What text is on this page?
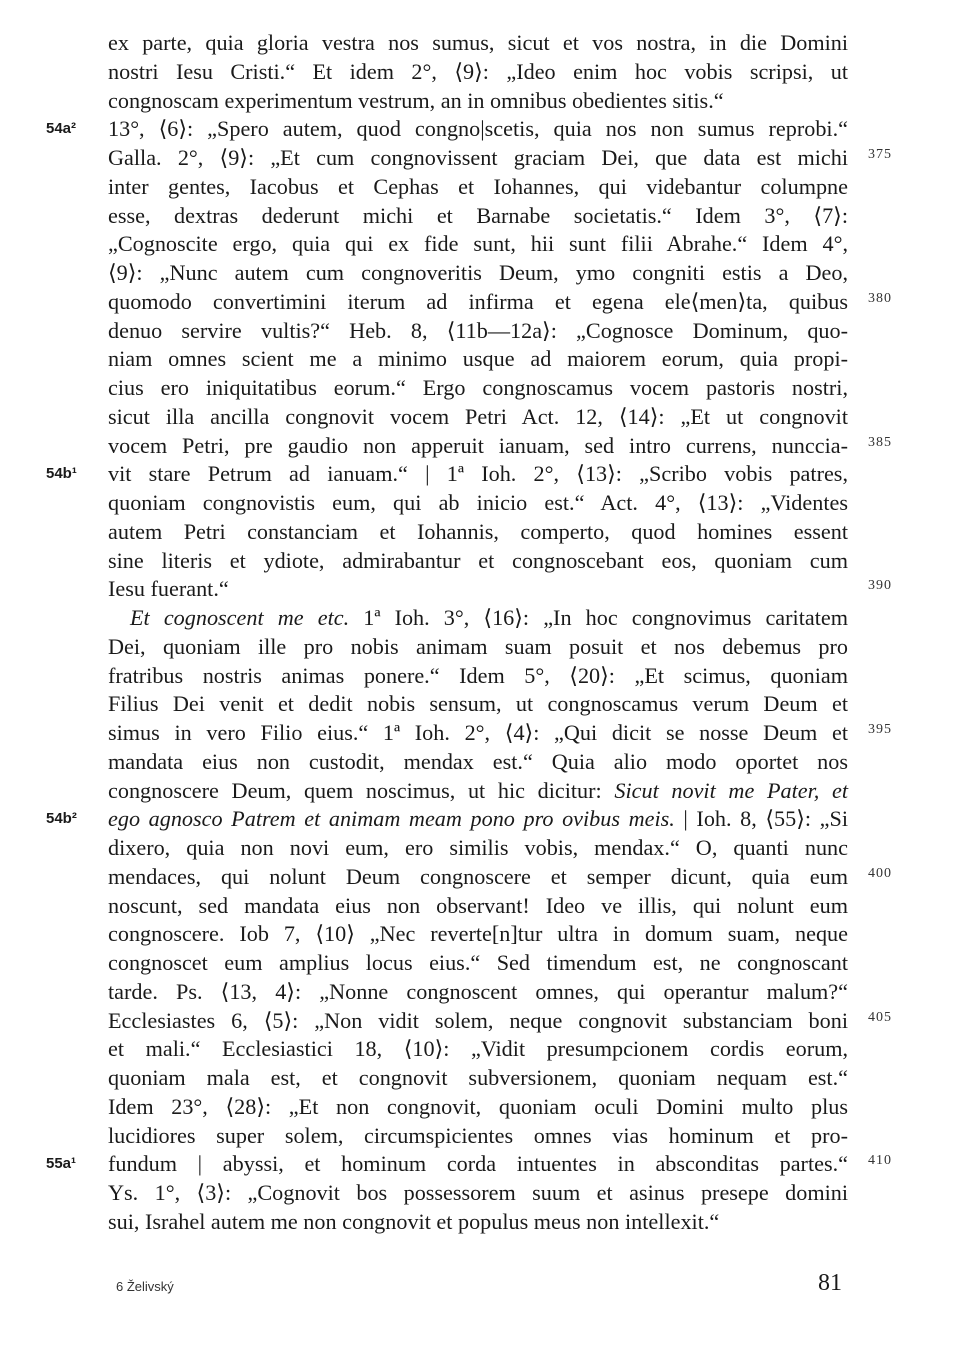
6 Želivský	81
ex parte, quia gloria vestra nos sumus, sicut et vos nostra, in die Domini
nostri Iesu Cristi.“ Et idem 2°, ⟨9⟩: „Ideo enim hoc vobis scripsi, ut
congnoscam experimentum vestrum, an in omnibus obedientes sitis.“
13°, ⟨6⟩: „Spero autem, quod congno|scetis, quia nos non sumus reprobi.“
Galla. 2°, ⟨9⟩: „Et cum congnovissent graciam Dei, que data est michi
inter gentes, Iacobus et Cephas et Iohannes, qui videbantur columpne
esse, dextras dederunt michi et Barnabe societatis.“ Idem 3°, ⟨7⟩:
„Cognoscite ergo, quia qui ex fide sunt, hii sunt filii Abrahe.“ Idem 4°,
⟨9⟩: „Nunc autem cum congnoveritis Deum, ymo congniti estis a Deo,
quomodo convertimini iterum ad infirma et egena ele⟨men⟩ta, quibus
denuo servire vultis?“ Heb. 8, ⟨11b—12a⟩: „Cognosce Dominum, quo-
niam omnes scient me a minimo usque ad maiorem eorum, quia propi-
cius ero iniquitatibus eorum.“ Ergo congnoscamus vocem pastoris nostri,
sicut illa ancilla congnovit vocem Petri Act. 12, ⟨14⟩: „Et ut congnovit
vocem Petri, pre gaudio non apperuit ianuam, sed intro currens, nunccia-
vit stare Petrum ad ianuam.“ | 1ª Ioh. 2°, ⟨13⟩: „Scribo vobis patres,
quoniam congnovistis eum, qui ab inicio est.“ Act. 4°, ⟨13⟩: „Videntes
autem Petri constanciam et Iohannis, comperto, quod homines essent
sine literis et ydiote, admirabantur et congnoscebant eos, quoniam cum
Iesu fuerant.“
Et cognoscent me etc. 1ª Ioh. 3°, ⟨16⟩: „In hoc congnovimus caritatem
Dei, quoniam ille pro nobis animam suam posuit et nos debemus pro
fratribus nostris animas ponere.“ Idem 5°, ⟨20⟩: „Et scimus, quoniam
Filius Dei venit et dedit nobis sensum, ut congnoscamus verum Deum et
simus in vero Filio eius.“ 1ª Ioh. 2°, ⟨4⟩: „Qui dicit se nosse Deum et
mandata eius non custodit, mendax est.“ Quia alio modo oportet nos
congnoscere Deum, quem noscimus, ut hic dicitur: Sicut novit me Pater, et
ego agnosco Patrem et animam meam pono pro ovibus meis. | Ioh. 8, ⟨55⟩: „Si
dixero, quia non novi eum, ero similis vobis, mendax.“ O, quanti nunc
mendaces, qui nolunt Deum congnoscere et semper dicunt, quia eum
noscunt, sed mandata eius non observant! Ideo ve illis, qui nolunt eum
congnoscere. Iob 7, ⟨10⟩ „Nec reverte[n]tur ultra in domum suam, neque
congnoscet eum amplius locus eius.“ Sed timendum est, ne congnoscant
tarde. Ps. ⟨13, 4⟩: „Nonne congnoscent omnes, qui operantur malum?“
Ecclesiastes 6, ⟨5⟩: „Non vidit solem, neque congnovit substanciam boni
et mali.“ Ecclesiastici 18, ⟨10⟩: „Vidit presumpcionem cordis eorum,
quoniam mala est, et congnovit subversionem, quoniam nequam est.“
Idem 23°, ⟨28⟩: „Et non congnovit, quoniam oculi Domini multo plus
lucidiores super solem, circumspicientes omnes vias hominum et pro-
fundum | abyssi, et hominum corda intuentes in absconditas partes.“
Ys. 1°, ⟨3⟩: „Cognovit bos possessorem suum et asinus presepe domini
sui, Israhel autem me non congnovit et populus meus non intellexit.“
54a²
54b¹
54b²
55a¹
375
380
385
390
395
400
405
410
